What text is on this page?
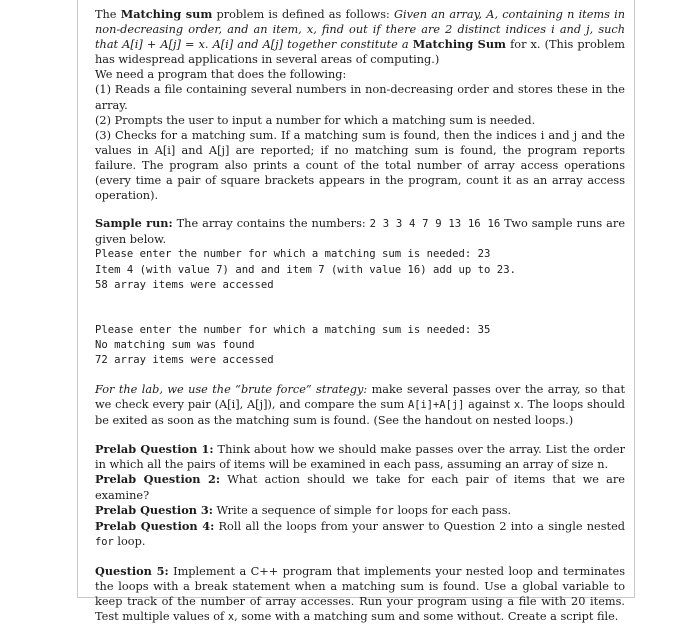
The Matching sum problem is defined as follows: Given an array, A, containing n items in non-decreasing order, and an item, x, find out if there are 2 distinct indices i and j, such that A[i] + A[j] = x. A[i] and A[j] together constitute a Matching Sum for x. (This problem has widespread applications in several areas of computing.)

We need a program that does the following:

(1) Reads a file containing several numbers in non-decreasing order and stores these in the array.

(2) Prompts the user to input a number for which a matching sum is needed.

(3) Checks for a matching sum. If a matching sum is found, then the indices i and j and the values in A[i] and A[j] are reported; if no matching sum is found, the program reports failure. The program also prints a count of the total number of array access operations (every time a pair of square brackets appears in the program, count it as an array access operation).

Sample run: The array contains the numbers: 2 3 3 4 7 9 13 16 16 Two sample runs are given below.

Please enter the number for which a matching sum is needed: 23
Item 4 (with value 7) and and item 7 (with value 16) add up to 23.
58 array items were accessed
Please enter the number for which a matching sum is needed: 35
No matching sum was found
72 array items were accessed

For the lab, we use the “brute force” strategy: make several passes over the array, so that we check every pair (A[i], A[j]), and compare the sum A[i]+A[j] against x. The loops should be exited as soon as the matching sum is found. (See the handout on nested loops.)

Prelab Question 1: Think about how we should make passes over the array. List the order in which all the pairs of items will be examined in each pass, assuming an array of size n.

Prelab Question 2: What action should we take for each pair of items that we are examine?

Prelab Question 3: Write a sequence of simple for loops for each pass.

Prelab Question 4: Roll all the loops from your answer to Question 2 into a single nested for loop.

Question 5: Implement a C++ program that implements your nested loop and terminates the loops with a break statement when a matching sum is found. Use a global variable to keep track of the number of array accesses. Run your program using a file with 20 items. Test multiple values of x, some with a matching sum and some without. Create a script file.
